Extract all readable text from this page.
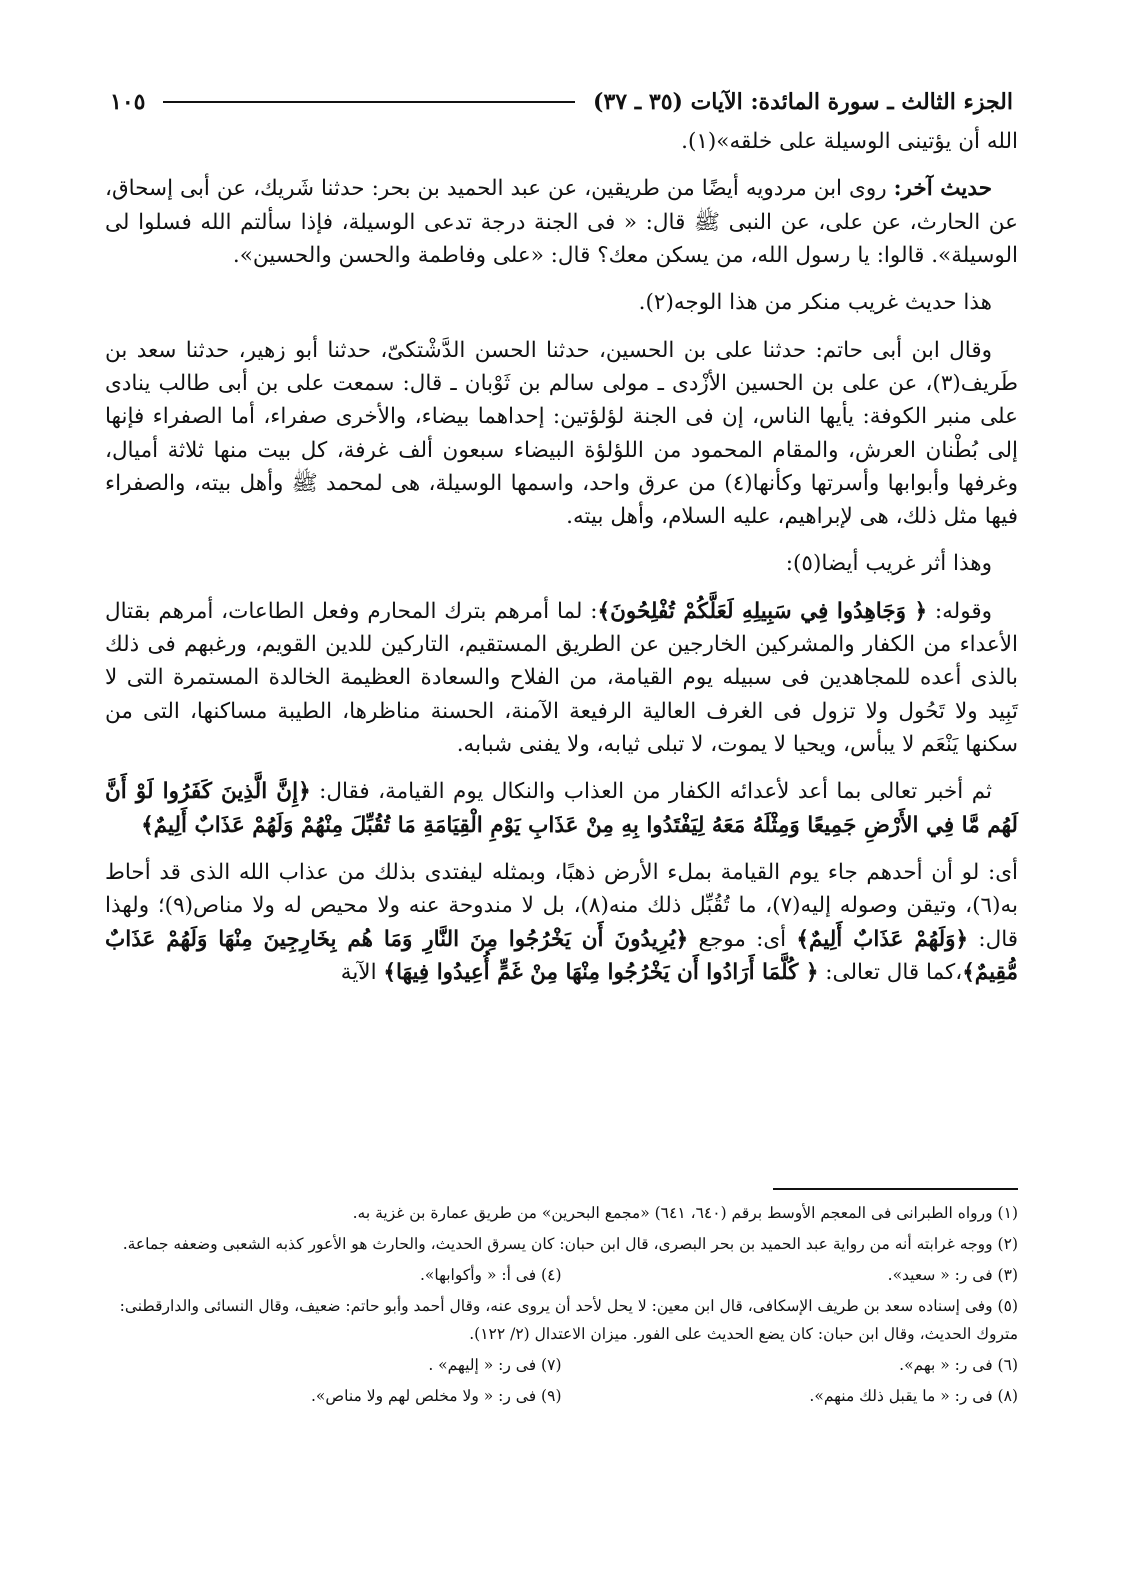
الجزء الثالث ـ سورة المائدة: الآيات (٣٥ ـ ٣٧)
١٠٥

الله أن يؤتينى الوسيلة على خلقه»(١).

حديث آخر: روى ابن مردويه أيضًا من طريقين، عن عبد الحميد بن بحر: حدثنا شَريك، عن أبى إسحاق، عن الحارث، عن على، عن النبى ﷺ قال: « فى الجنة درجة تدعى الوسيلة، فإذا سألتم الله فسلوا لى الوسيلة». قالوا: يا رسول الله، من يسكن معك؟ قال: «على وفاطمة والحسن والحسين».

هذا حديث غريب منكر من هذا الوجه(٢).

وقال ابن أبى حاتم: حدثنا على بن الحسين، حدثنا الحسن الدَّشْتكىّ، حدثنا أبو زهير، حدثنا سعد بن طَريف(٣)، عن على بن الحسين الأزْدى ـ مولى سالم بن ثَوْبان ـ قال: سمعت على بن أبى طالب ينادى على منبر الكوفة: يأيها الناس، إن فى الجنة لؤلؤتين: إحداهما بيضاء، والأخرى صفراء، أما الصفراء فإنها إلى بُطْنان العرش، والمقام المحمود من اللؤلؤة البيضاء سبعون ألف غرفة، كل بيت منها ثلاثة أميال، وغرفها وأبوابها وأسرتها وكأنها(٤) من عرق واحد، واسمها الوسيلة، هى لمحمد ﷺ وأهل بيته، والصفراء فيها مثل ذلك، هى لإبراهيم، عليه السلام، وأهل بيته.

وهذا أثر غريب أيضا(٥):

وقوله: ﴿ وَجَاهِدُوا فِي سَبِيلِهِ لَعَلَّكُمْ تُفْلِحُونَ﴾: لما أمرهم بترك المحارم وفعل الطاعات، أمرهم بقتال الأعداء من الكفار والمشركين الخارجين عن الطريق المستقيم، التاركين للدين القويم، ورغبهم فى ذلك بالذى أعده للمجاهدين فى سبيله يوم القيامة، من الفلاح والسعادة العظيمة الخالدة المستمرة التى لا تَبِيد ولا تَحُول ولا تزول فى الغرف العالية الرفيعة الآمنة، الحسنة مناظرها، الطيبة مساكنها، التى من سكنها يَنْعَم لا يبأس، ويحيا لا يموت، لا تبلى ثيابه، ولا يفنى شبابه.

ثم أخبر تعالى بما أعد لأعدائه الكفار من العذاب والنكال يوم القيامة، فقال: ﴿إِنَّ الَّذِينَ كَفَرُوا لَوْ أَنَّ لَهُم مَّا فِي الأَرْضِ جَمِيعًا وَمِثْلَهُ مَعَهُ لِيَفْتَدُوا بِهِ مِنْ عَذَابِ يَوْمِ الْقِيَامَةِ مَا تُقُبِّلَ مِنْهُمْ وَلَهُمْ عَذَابٌ أَلِيمٌ﴾

أى: لو أن أحدهم جاء يوم القيامة بملء الأرض ذهبًا، وبمثله ليفتدى بذلك من عذاب الله الذى قد أحاط به(٦)، وتيقن وصوله إليه(٧)، ما تُقُبِّل ذلك منه(٨)، بل لا مندوحة عنه ولا محيص له ولا مناص(٩)؛ ولهذا قال: ﴿وَلَهُمْ عَذَابٌ أَلِيمٌ﴾ أى: موجع ﴿يُرِيدُونَ أَن يَخْرُجُوا مِنَ النَّارِ وَمَا هُم بِخَارِجِينَ مِنْهَا وَلَهُمْ عَذَابٌ مُّقِيمٌ﴾،كما قال تعالى: ﴿ كُلَّمَا أَرَادُوا أَن يَخْرُجُوا مِنْهَا مِنْ غَمٍّ أُعِيدُوا فِيهَا﴾ الآية

(١) ورواه الطبرانى فى المعجم الأوسط برقم (٦٤٠، ٦٤١) «مجمع البحرين» من طريق عمارة بن غزية به.
(٢) ووجه غرابته أنه من رواية عبد الحميد بن بحر البصرى، قال ابن حبان: كان يسرق الحديث، والحارث هو الأعور كذبه الشعبى وضعفه جماعة.
(٣) فى ر: « سعيد».
(٤) فى أ: « وأكوابها».
(٥) وفى إسناده سعد بن طريف الإسكافى، قال ابن معين: لا يحل لأحد أن يروى عنه، وقال أحمد وأبو حاتم: ضعيف، وقال النسائى والدارقطنى: متروك الحديث، وقال ابن حبان: كان يضع الحديث على الفور. ميزان الاعتدال (٢/ ١٢٢).
(٦) فى ر: « بهم».
(٧) فى ر: « إليهم» .
(٨) فى ر: « ما يقبل ذلك منهم».
(٩) فى ر: « ولا مخلص لهم ولا مناص».
